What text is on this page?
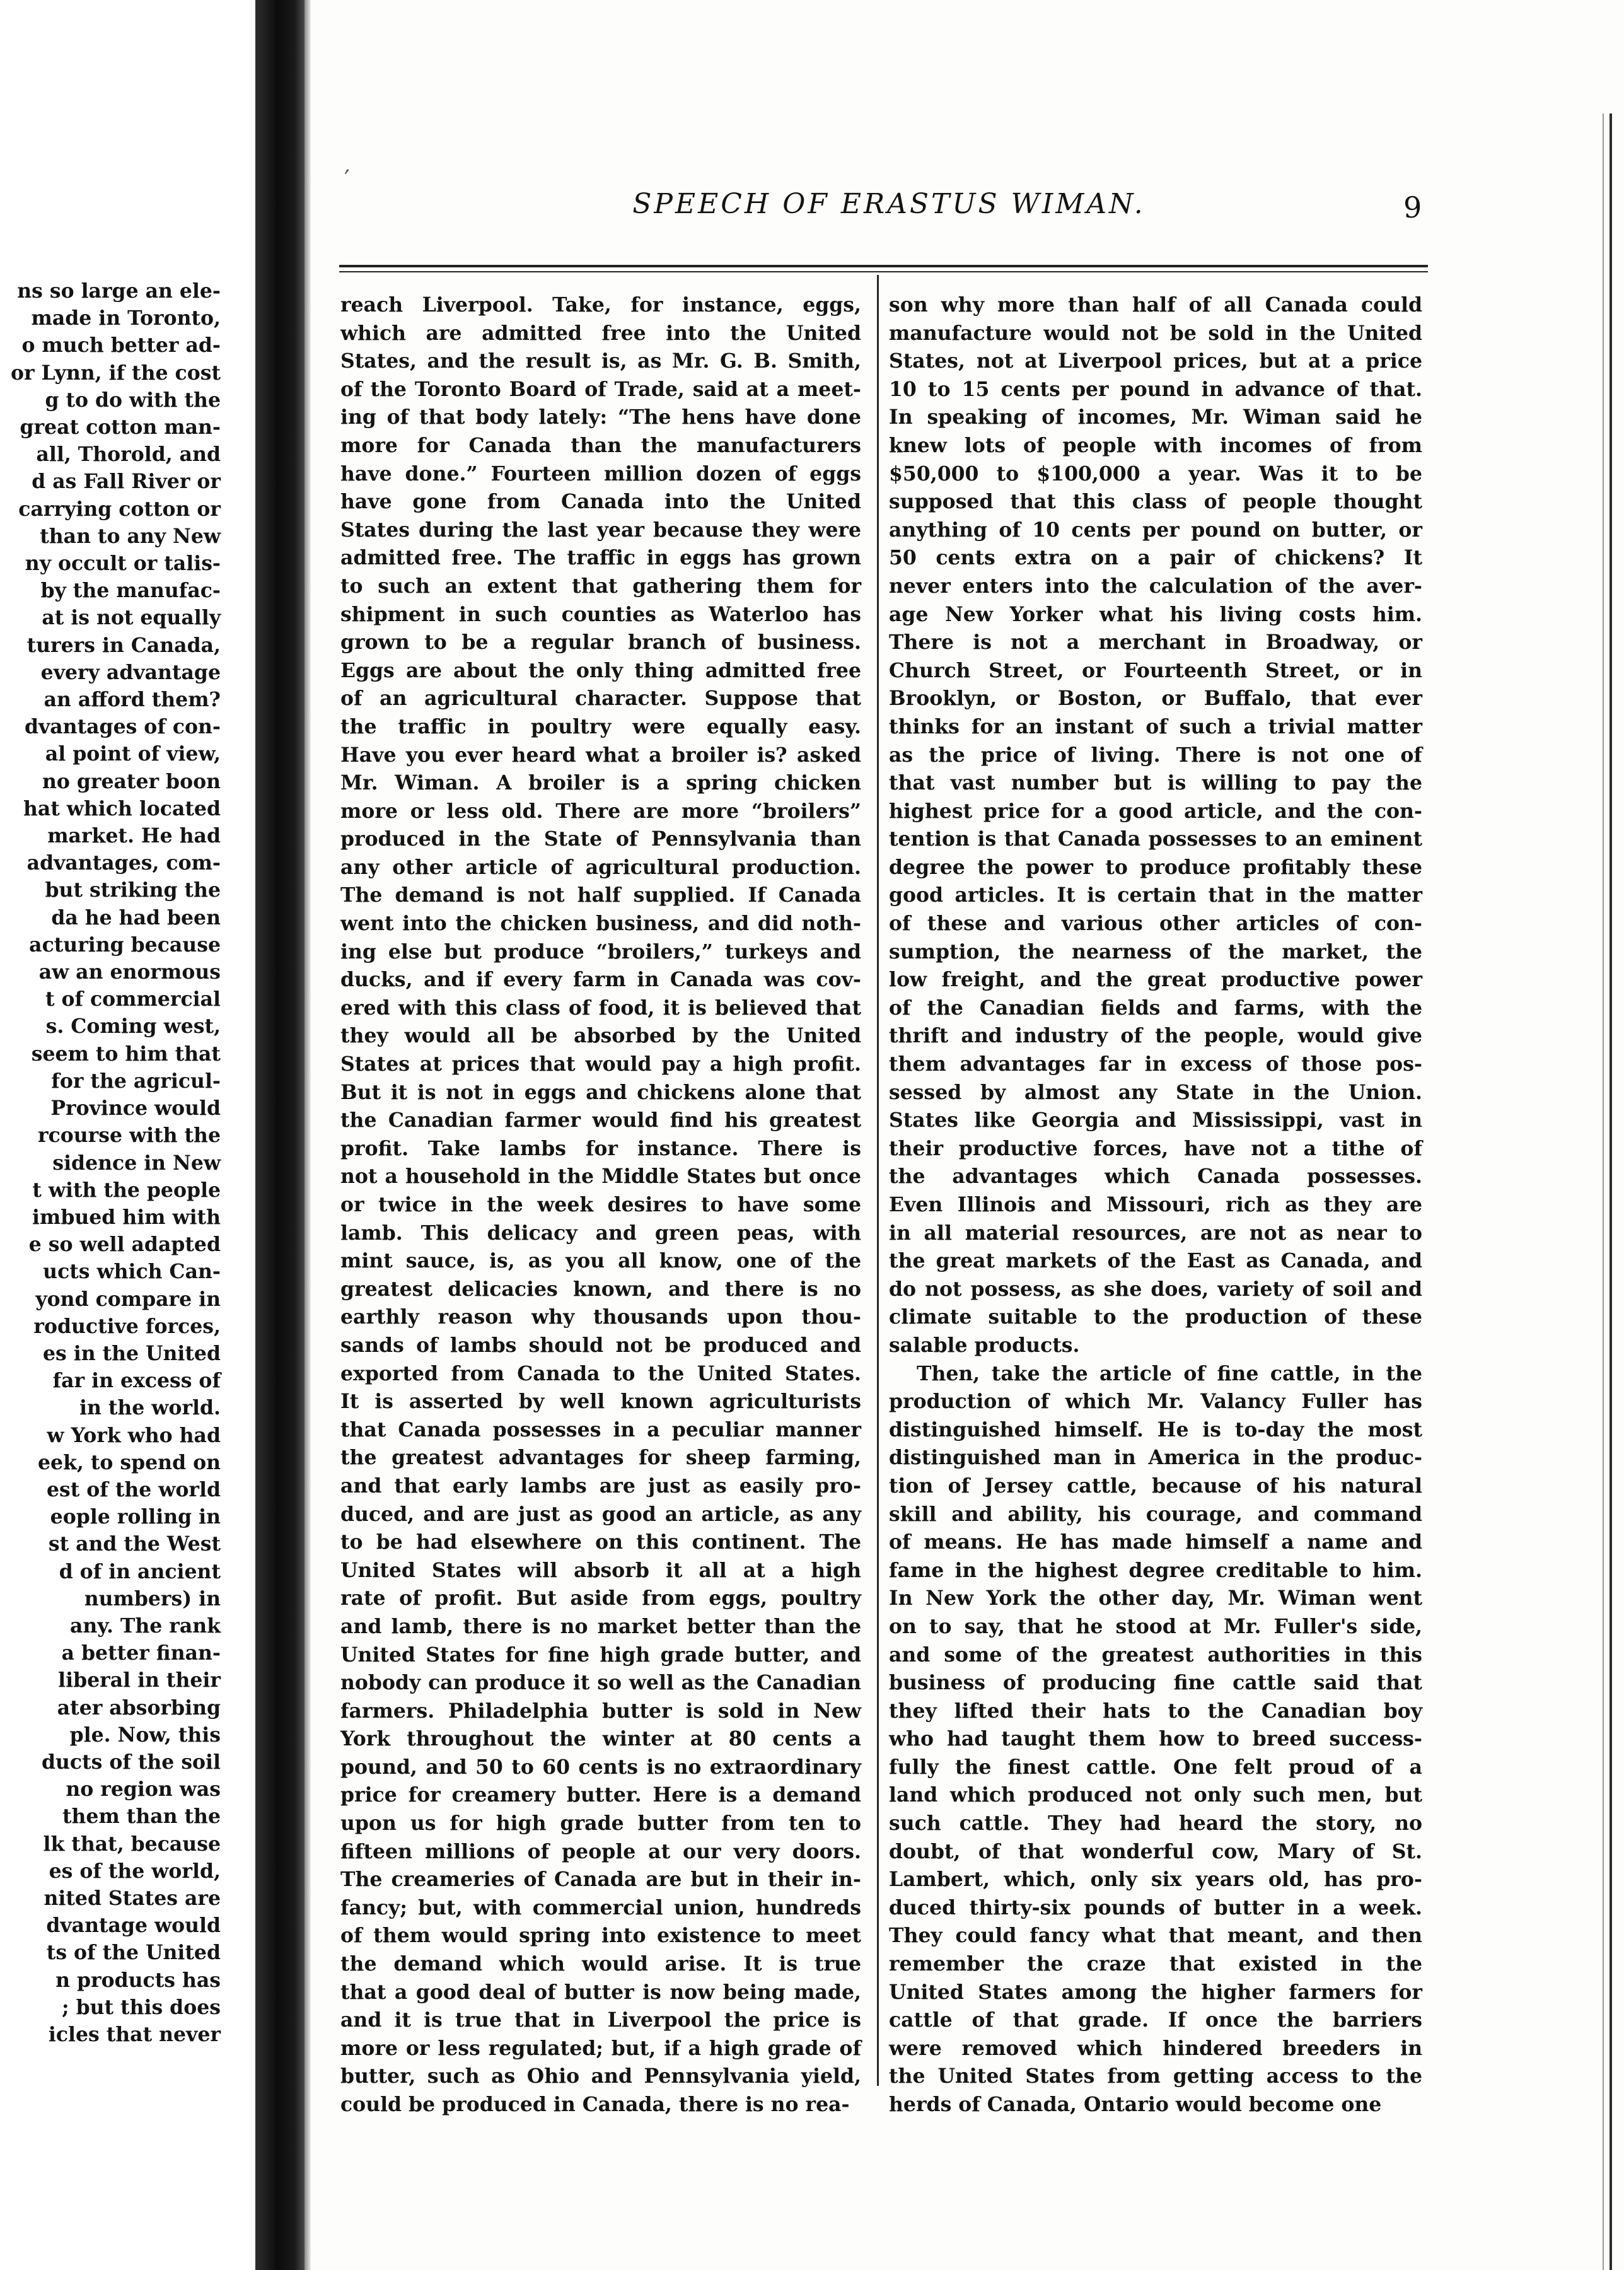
ns so large an ele-
made in Toronto,
o much better ad-
or Lynn, if the cost
g to do with the
great cotton man-
all, Thorold, and
d as Fall River or
carrying cotton or
than to any New
ny occult or talis-
by the manufac-
at is not equally
turers in Canada,
every advantage
an afford them?
dvantages of con-
al point of view,
no greater boon
hat which located
market. He had
advantages, com-
but striking the
da he had been
acturing because
aw an enormous
t of commercial
s. Coming west,
seem to him that
for the agricul-
Province would
rcourse with the
sidence in New
t with the people
imbued him with
e so well adapted
ucts which Can-
yond compare in
roductive forces,
es in the United
far in excess of
in the world.
w York who had
eek, to spend on
est of the world
eople rolling in
st and the West
d of in ancient
numbers) in
any. The rank
a better finan-
liberal in their
ater absorbing
ple. Now, this
ducts of the soil
no region was
them than the
lk that, because
es of the world,
nited States are
dvantage would
ts of the United
n products has
; but this does
icles that never
′
SPEECH OF ERASTUS WIMAN.	9
reach Liverpool. Take, for instance, eggs,
which are admitted free into the United
States, and the result is, as Mr. G. B. Smith,
of the Toronto Board of Trade, said at a meet-
ing of that body lately: “The hens have done
more for Canada than the manufacturers
have done.” Fourteen million dozen of eggs
have gone from Canada into the United
States during the last year because they were
admitted free. The traffic in eggs has grown
to such an extent that gathering them for
shipment in such counties as Waterloo has
grown to be a regular branch of business.
Eggs are about the only thing admitted free
of an agricultural character. Suppose that
the traffic in poultry were equally easy.
Have you ever heard what a broiler is? asked
Mr. Wiman. A broiler is a spring chicken
more or less old. There are more “broilers”
produced in the State of Pennsylvania than
any other article of agricultural production.
The demand is not half supplied. If Canada
went into the chicken business, and did noth-
ing else but produce “broilers,” turkeys and
ducks, and if every farm in Canada was cov-
ered with this class of food, it is believed that
they would all be absorbed by the United
States at prices that would pay a high profit.
But it is not in eggs and chickens alone that
the Canadian farmer would find his greatest
profit. Take lambs for instance. There is
not a household in the Middle States but once
or twice in the week desires to have some
lamb. This delicacy and green peas, with
mint sauce, is, as you all know, one of the
greatest delicacies known, and there is no
earthly reason why thousands upon thou-
sands of lambs should not be produced and
exported from Canada to the United States.
It is asserted by well known agriculturists
that Canada possesses in a peculiar manner
the greatest advantages for sheep farming,
and that early lambs are just as easily pro-
duced, and are just as good an article, as any
to be had elsewhere on this continent. The
United States will absorb it all at a high
rate of profit. But aside from eggs, poultry
and lamb, there is no market better than the
United States for fine high grade butter, and
nobody can produce it so well as the Canadian
farmers. Philadelphia butter is sold in New
York throughout the winter at 80 cents a
pound, and 50 to 60 cents is no extraordinary
price for creamery butter. Here is a demand
upon us for high grade butter from ten to
fifteen millions of people at our very doors.
The creameries of Canada are but in their in-
fancy; but, with commercial union, hundreds
of them would spring into existence to meet
the demand which would arise. It is true
that a good deal of butter is now being made,
and it is true that in Liverpool the price is
more or less regulated; but, if a high grade of
butter, such as Ohio and Pennsylvania yield,
could be produced in Canada, there is no rea-
son why more than half of all Canada could
manufacture would not be sold in the United
States, not at Liverpool prices, but at a price
10 to 15 cents per pound in advance of that.
In speaking of incomes, Mr. Wiman said he
knew lots of people with incomes of from
$50,000 to $100,000 a year. Was it to be
supposed that this class of people thought
anything of 10 cents per pound on butter, or
50 cents extra on a pair of chickens? It
never enters into the calculation of the aver-
age New Yorker what his living costs him.
There is not a merchant in Broadway, or
Church Street, or Fourteenth Street, or in
Brooklyn, or Boston, or Buffalo, that ever
thinks for an instant of such a trivial matter
as the price of living. There is not one of
that vast number but is willing to pay the
highest price for a good article, and the con-
tention is that Canada possesses to an eminent
degree the power to produce profitably these
good articles. It is certain that in the matter
of these and various other articles of con-
sumption, the nearness of the market, the
low freight, and the great productive power
of the Canadian fields and farms, with the
thrift and industry of the people, would give
them advantages far in excess of those pos-
sessed by almost any State in the Union.
States like Georgia and Mississippi, vast in
their productive forces, have not a tithe of
the advantages which Canada possesses.
Even Illinois and Missouri, rich as they are
in all material resources, are not as near to
the great markets of the East as Canada, and
do not possess, as she does, variety of soil and
climate suitable to the production of these
salable products.
Then, take the article of fine cattle, in the
production of which Mr. Valancy Fuller has
distinguished himself. He is to-day the most
distinguished man in America in the produc-
tion of Jersey cattle, because of his natural
skill and ability, his courage, and command
of means. He has made himself a name and
fame in the highest degree creditable to him.
In New York the other day, Mr. Wiman went
on to say, that he stood at Mr. Fuller's side,
and some of the greatest authorities in this
business of producing fine cattle said that
they lifted their hats to the Canadian boy
who had taught them how to breed success-
fully the finest cattle. One felt proud of a
land which produced not only such men, but
such cattle. They had heard the story, no
doubt, of that wonderful cow, Mary of St.
Lambert, which, only six years old, has pro-
duced thirty-six pounds of butter in a week.
They could fancy what that meant, and then
remember the craze that existed in the
United States among the higher farmers for
cattle of that grade. If once the barriers
were removed which hindered breeders in
the United States from getting access to the
herds of Canada, Ontario would become one
